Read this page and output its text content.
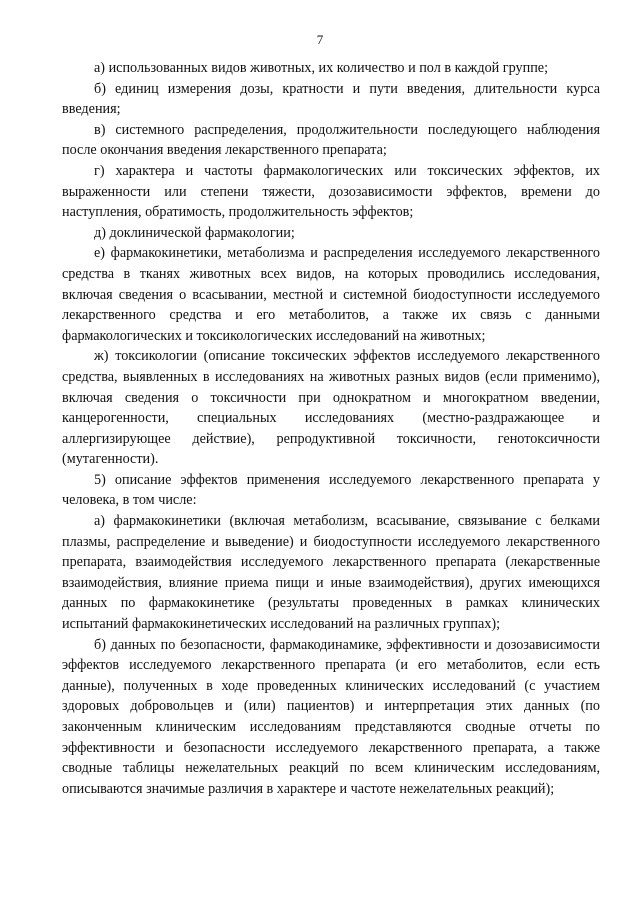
7

а) использованных видов животных, их количество и пол в каждой группе;

б) единиц измерения дозы, кратности и пути введения, длительности курса введения;

в) системного распределения, продолжительности последующего наблюдения после окончания введения лекарственного препарата;

г) характера и частоты фармакологических или токсических эффектов, их выраженности или степени тяжести, дозозависимости эффектов, времени до наступления, обратимость, продолжительность эффектов;

д) доклинической фармакологии;

е) фармакокинетики, метаболизма и распределения исследуемого лекарственного средства в тканях животных всех видов, на которых проводились исследования, включая сведения о всасывании, местной и системной биодоступности исследуемого лекарственного средства и его метаболитов, а также их связь с данными фармакологических и токсикологических исследований на животных;

ж) токсикологии (описание токсических эффектов исследуемого лекарственного средства, выявленных в исследованиях на животных разных видов (если применимо), включая сведения о токсичности при однократном и многократном введении, канцерогенности, специальных исследованиях (местно-раздражающее и аллергизирующее действие), репродуктивной токсичности, генотоксичности (мутагенности).

5) описание эффектов применения исследуемого лекарственного препарата у человека, в том числе:

а) фармакокинетики (включая метаболизм, всасывание, связывание с белками плазмы, распределение и выведение) и биодоступности исследуемого лекарственного препарата, взаимодействия исследуемого лекарственного препарата (лекарственные взаимодействия, влияние приема пищи и иные взаимодействия), других имеющихся данных по фармакокинетике (результаты проведенных в рамках клинических испытаний фармакокинетических исследований на различных группах);

б) данных по безопасности, фармакодинамике, эффективности и дозозависимости эффектов исследуемого лекарственного препарата (и его метаболитов, если есть данные), полученных в ходе проведенных клинических исследований (с участием здоровых добровольцев и (или) пациентов) и интерпретация этих данных (по законченным клиническим исследованиям представляются сводные отчеты по эффективности и безопасности исследуемого лекарственного препарата, а также сводные таблицы нежелательных реакций по всем клиническим исследованиям, описываются значимые различия в характере и частоте нежелательных реакций);
